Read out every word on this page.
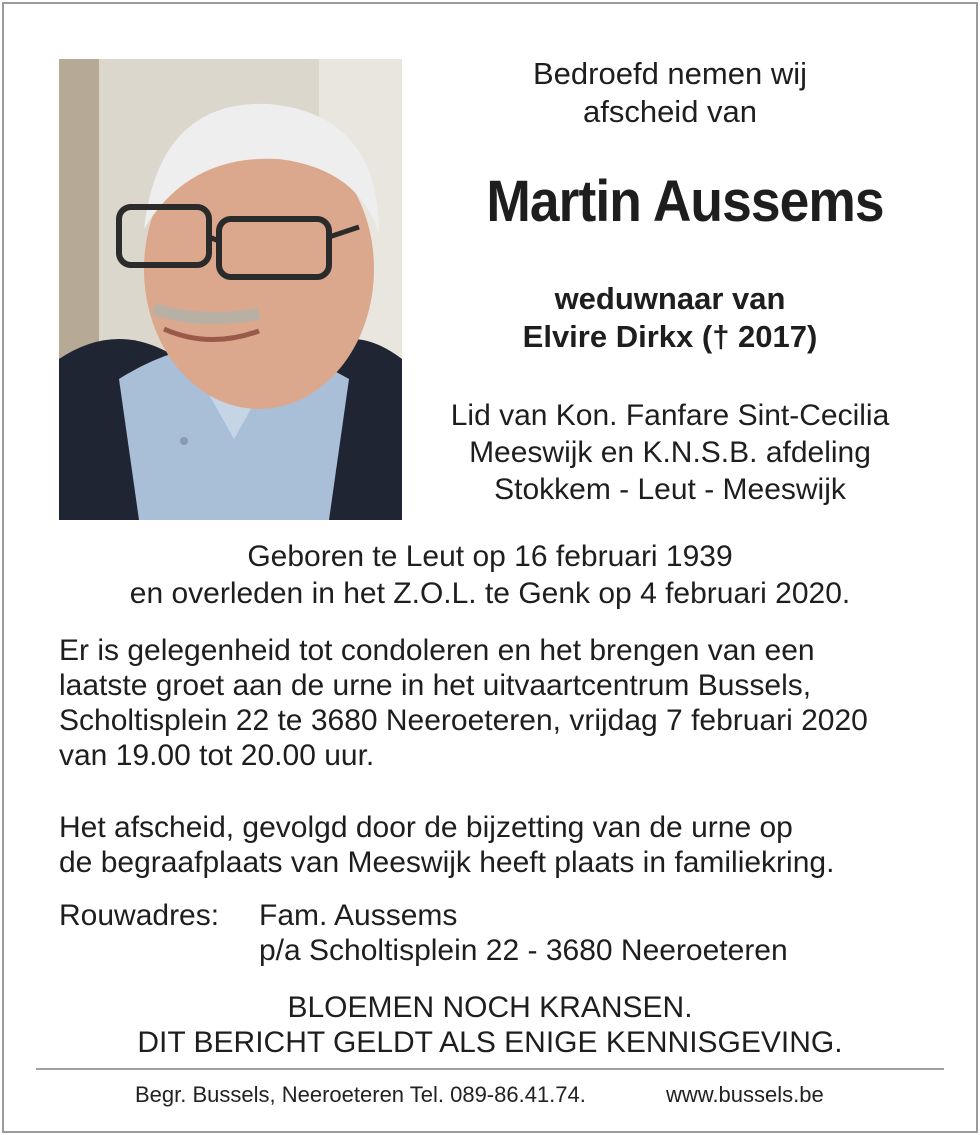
Bedroefd nemen wij
afscheid van
Martin Aussems
weduwnaar van
Elvire Dirkx († 2017)
Lid van Kon. Fanfare Sint-Cecilia
Meeswijk en K.N.S.B. afdeling
Stokkem - Leut - Meeswijk
Geboren te Leut op 16 februari 1939
en overleden in het Z.O.L. te Genk op 4 februari 2020.
Er is gelegenheid tot condoleren en het brengen van een
laatste groet aan de urne in het uitvaartcentrum Bussels,
Scholtisplein 22 te 3680 Neeroeteren, vrijdag 7 februari 2020
van 19.00 tot 20.00 uur.
Het afscheid, gevolgd door de bijzetting van de urne op
de begraafplaats van Meeswijk heeft plaats in familiekring.
Rouwadres: Fam. Aussems
p/a Scholtisplein 22 - 3680 Neeroeteren
BLOEMEN NOCH KRANSEN.
DIT BERICHT GELDT ALS ENIGE KENNISGEVING.
Begr. Bussels, Neeroeteren Tel. 089-86.41.74.	www.bussels.be
